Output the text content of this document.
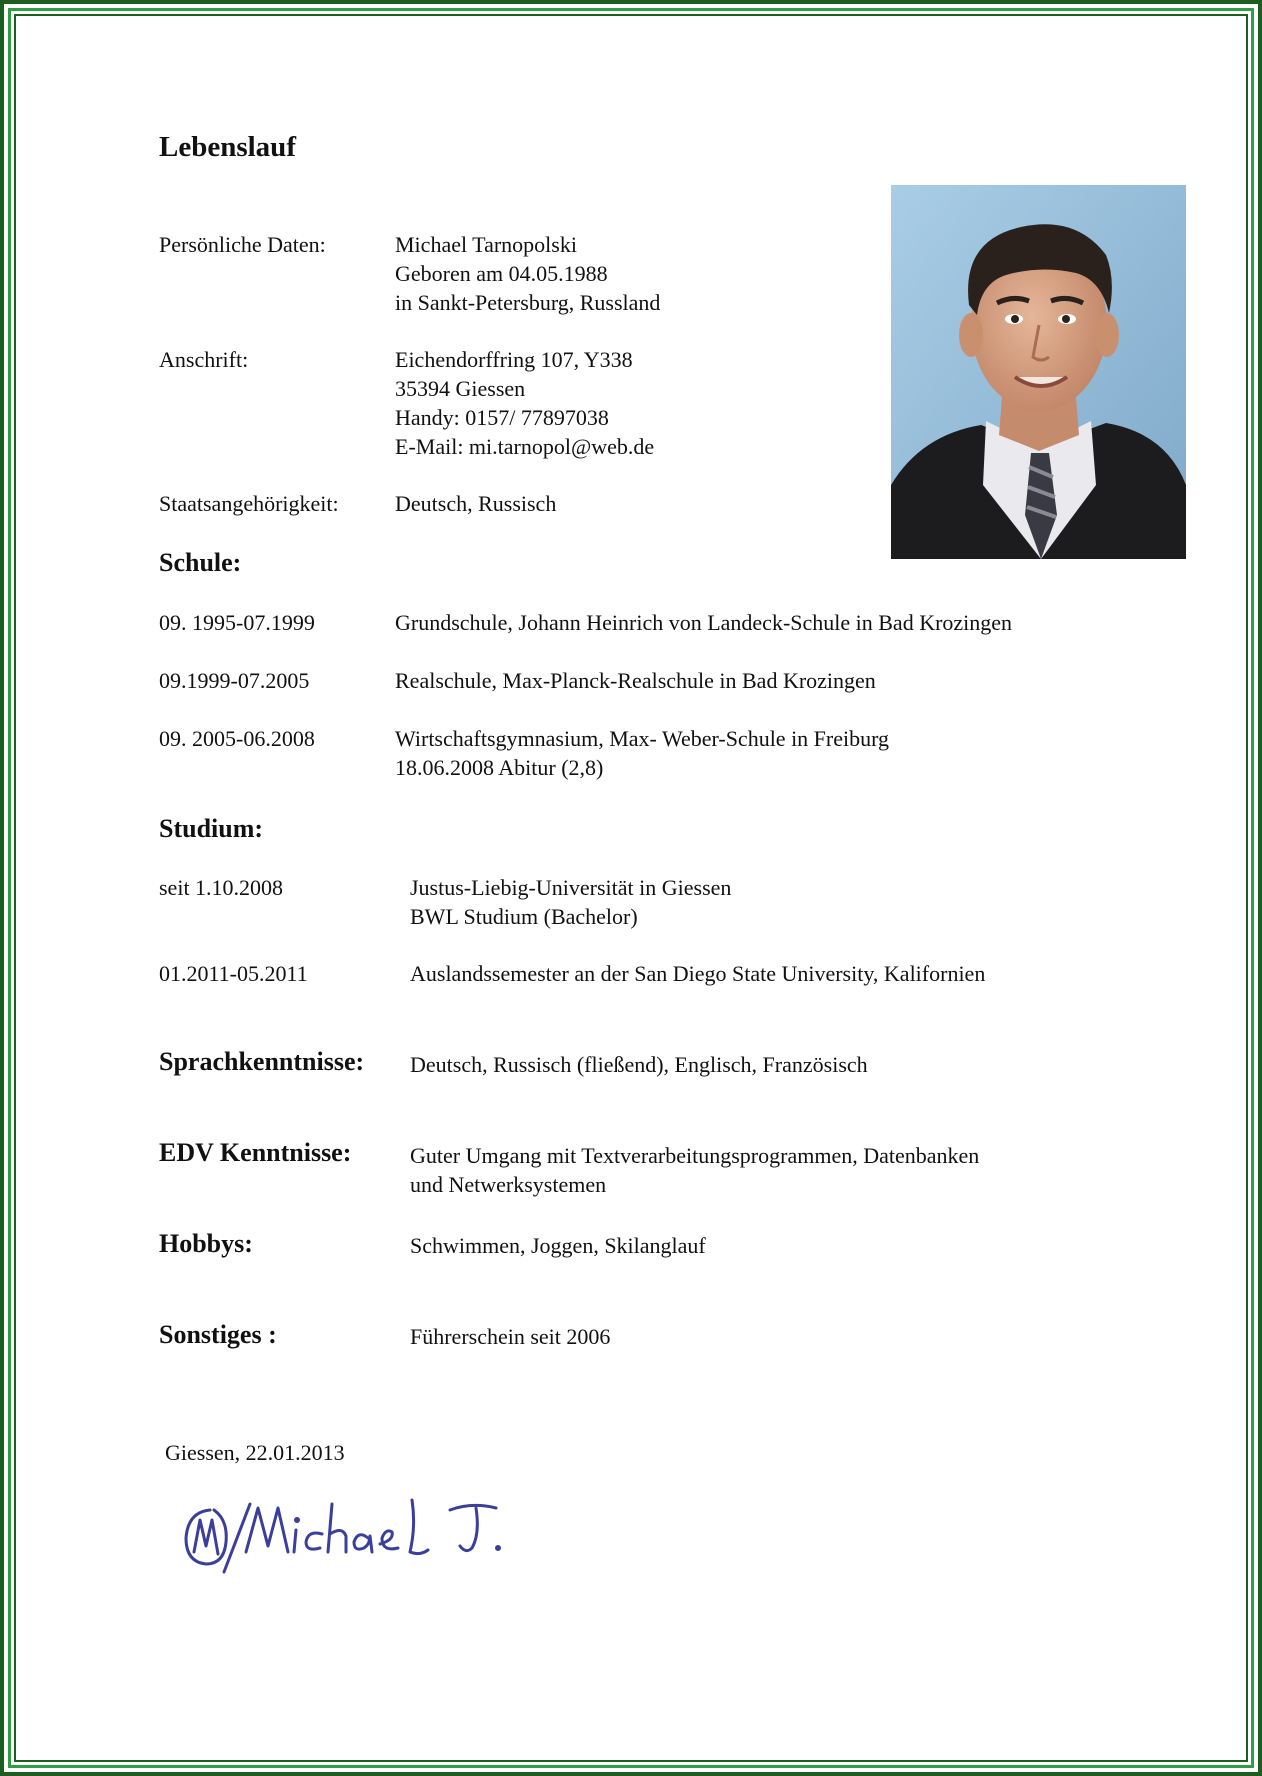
Lebenslauf
Persönliche Daten:	Michael Tarnopolski
Geboren am 04.05.1988
in Sankt-Petersburg, Russland
Anschrift:	Eichendorffring 107, Y338
35394 Giessen
Handy: 0157/ 77897038
E-Mail: mi.tarnopol@web.de
Staatsangehörigkeit:	Deutsch, Russisch
Schule:
09. 1995-07.1999	Grundschule, Johann Heinrich von Landeck-Schule in Bad Krozingen
09.1999-07.2005	Realschule, Max-Planck-Realschule in Bad Krozingen
09. 2005-06.2008	Wirtschaftsgymnasium, Max- Weber-Schule in Freiburg
18.06.2008 Abitur (2,8)
Studium:
seit 1.10.2008	Justus-Liebig-Universität in Giessen
BWL Studium (Bachelor)
01.2011-05.2011	Auslandssemester an der San Diego State University, Kalifornien
Sprachkenntnisse: Deutsch, Russisch (fließend), Englisch, Französisch
EDV Kenntnisse:	Guter Umgang mit Textverarbeitungsprogrammen, Datenbanken
und Netwerksystemen
Hobbys:	Schwimmen, Joggen, Skilanglauf
Sonstiges :	Führerschein seit 2006
Giessen, 22.01.2013
